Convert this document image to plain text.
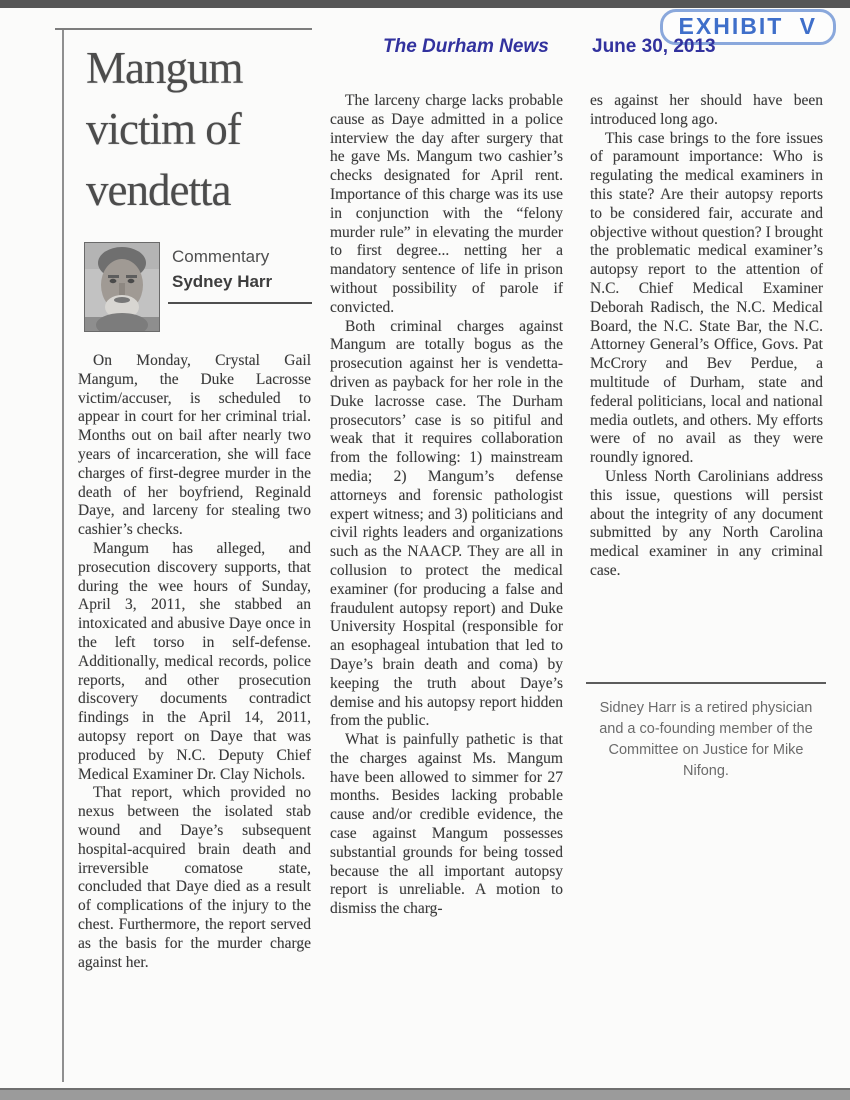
EXHIBIT V
The Durham News June 30, 2013
Mangum
victim of
vendetta
Commentary
Sydney Harr

On Monday, Crystal Gail Mangum, the Duke Lacrosse victim/accuser, is scheduled to appear in court for her criminal trial. Months out on bail after nearly two years of incarceration, she will face charges of first-degree murder in the death of her boyfriend, Reginald Daye, and larceny for stealing two cashier’s checks.

Mangum has alleged, and prosecution discovery supports, that during the wee hours of Sunday, April 3, 2011, she stabbed an intoxicated and abusive Daye once in the left torso in self-defense. Additionally, medical records, police reports, and other prosecution discovery documents contradict findings in the April 14, 2011, autopsy report on Daye that was produced by N.C. Deputy Chief Medical Examiner Dr. Clay Nichols.

That report, which provided no nexus between the isolated stab wound and Daye’s subsequent hospital-acquired brain death and irreversible comatose state, concluded that Daye died as a result of complications of the injury to the chest. Furthermore, the report served as the basis for the murder charge against her.

The larceny charge lacks probable cause as Daye admitted in a police interview the day after surgery that he gave Ms. Mangum two cashier’s checks designated for April rent. Importance of this charge was its use in conjunction with the “felony murder rule” in elevating the murder to first degree... netting her a mandatory sentence of life in prison without possibility of parole if convicted.

Both criminal charges against Mangum are totally bogus as the prosecution against her is vendetta-driven as payback for her role in the Duke lacrosse case. The Durham prosecutors’ case is so pitiful and weak that it requires collaboration from the following: 1) mainstream media; 2) Mangum’s defense attorneys and forensic pathologist expert witness; and 3) politicians and civil rights leaders and organizations such as the NAACP. They are all in collusion to protect the medical examiner (for producing a false and fraudulent autopsy report) and Duke University Hospital (responsible for an esophageal intubation that led to Daye’s brain death and coma) by keeping the truth about Daye’s demise and his autopsy report hidden from the public.

What is painfully pathetic is that the charges against Ms. Mangum have been allowed to simmer for 27 months. Besides lacking probable cause and/or credible evidence, the case against Mangum possesses substantial grounds for being tossed because the all important autopsy report is unreliable. A motion to dismiss the charg-

es against her should have been introduced long ago.

This case brings to the fore issues of paramount importance: Who is regulating the medical examiners in this state? Are their autopsy reports to be considered fair, accurate and objective without question? I brought the problematic medical examiner’s autopsy report to the attention of N.C. Chief Medical Examiner Deborah Radisch, the N.C. Medical Board, the N.C. State Bar, the N.C. Attorney General’s Office, Govs. Pat McCrory and Bev Perdue, a multitude of Durham, state and federal politicians, local and national media outlets, and others. My efforts were of no avail as they were roundly ignored.

Unless North Carolinians address this issue, questions will persist about the integrity of any document submitted by any North Carolina medical examiner in any criminal case.

Sidney Harr is a retired physician and a co-founding member of the Committee on Justice for Mike Nifong.
